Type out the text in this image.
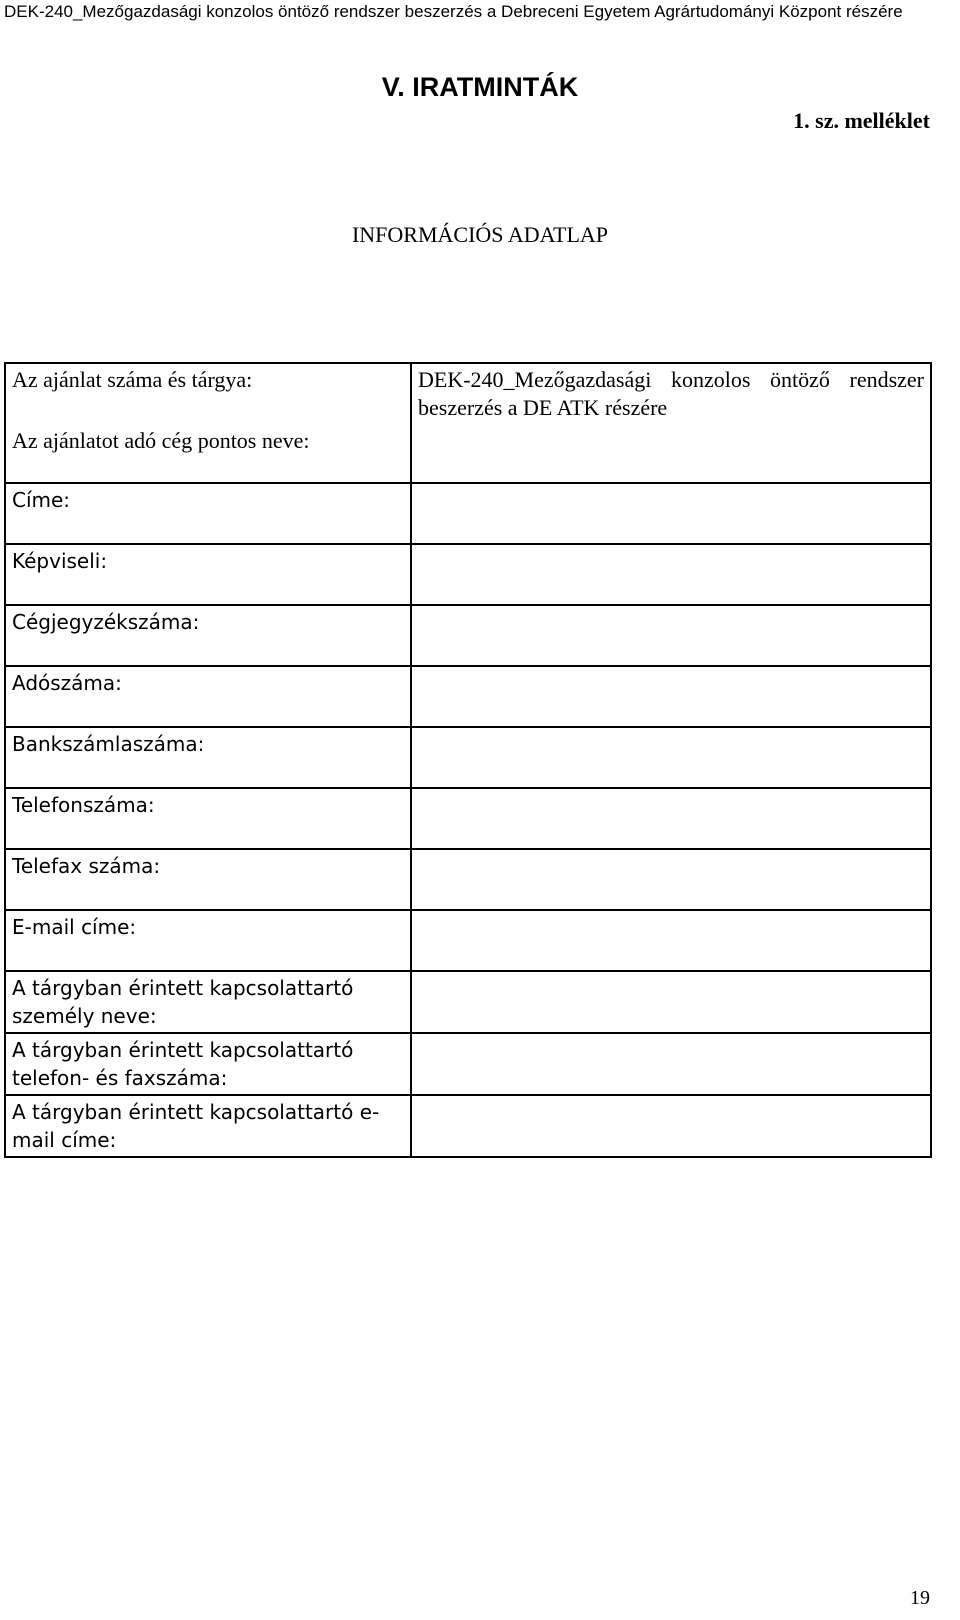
DEK-240_Mezőgazdasági konzolos öntöző rendszer beszerzés a Debreceni Egyetem Agrártudományi Központ részére
V. IRATMINTÁK
1. sz. melléklet
INFORMÁCIÓS ADATLAP
Az ajánlat száma és tárgya:	DEK-240_Mezőgazdasági konzolos öntöző rendszer beszerzés a DE ATK részére
Az ajánlatot adó cég pontos neve:	
Címe:	
Képviseli:	
Cégjegyzékszáma:	
Adószáma:	
Bankszámlaszáma:	
Telefonszáma:	
Telefax száma:	
E-mail címe:	
A tárgyban érintett kapcsolattartó személy neve:	
A tárgyban érintett kapcsolattartó telefon- és faxszáma:	
A tárgyban érintett kapcsolattartó e-mail címe:	
19
